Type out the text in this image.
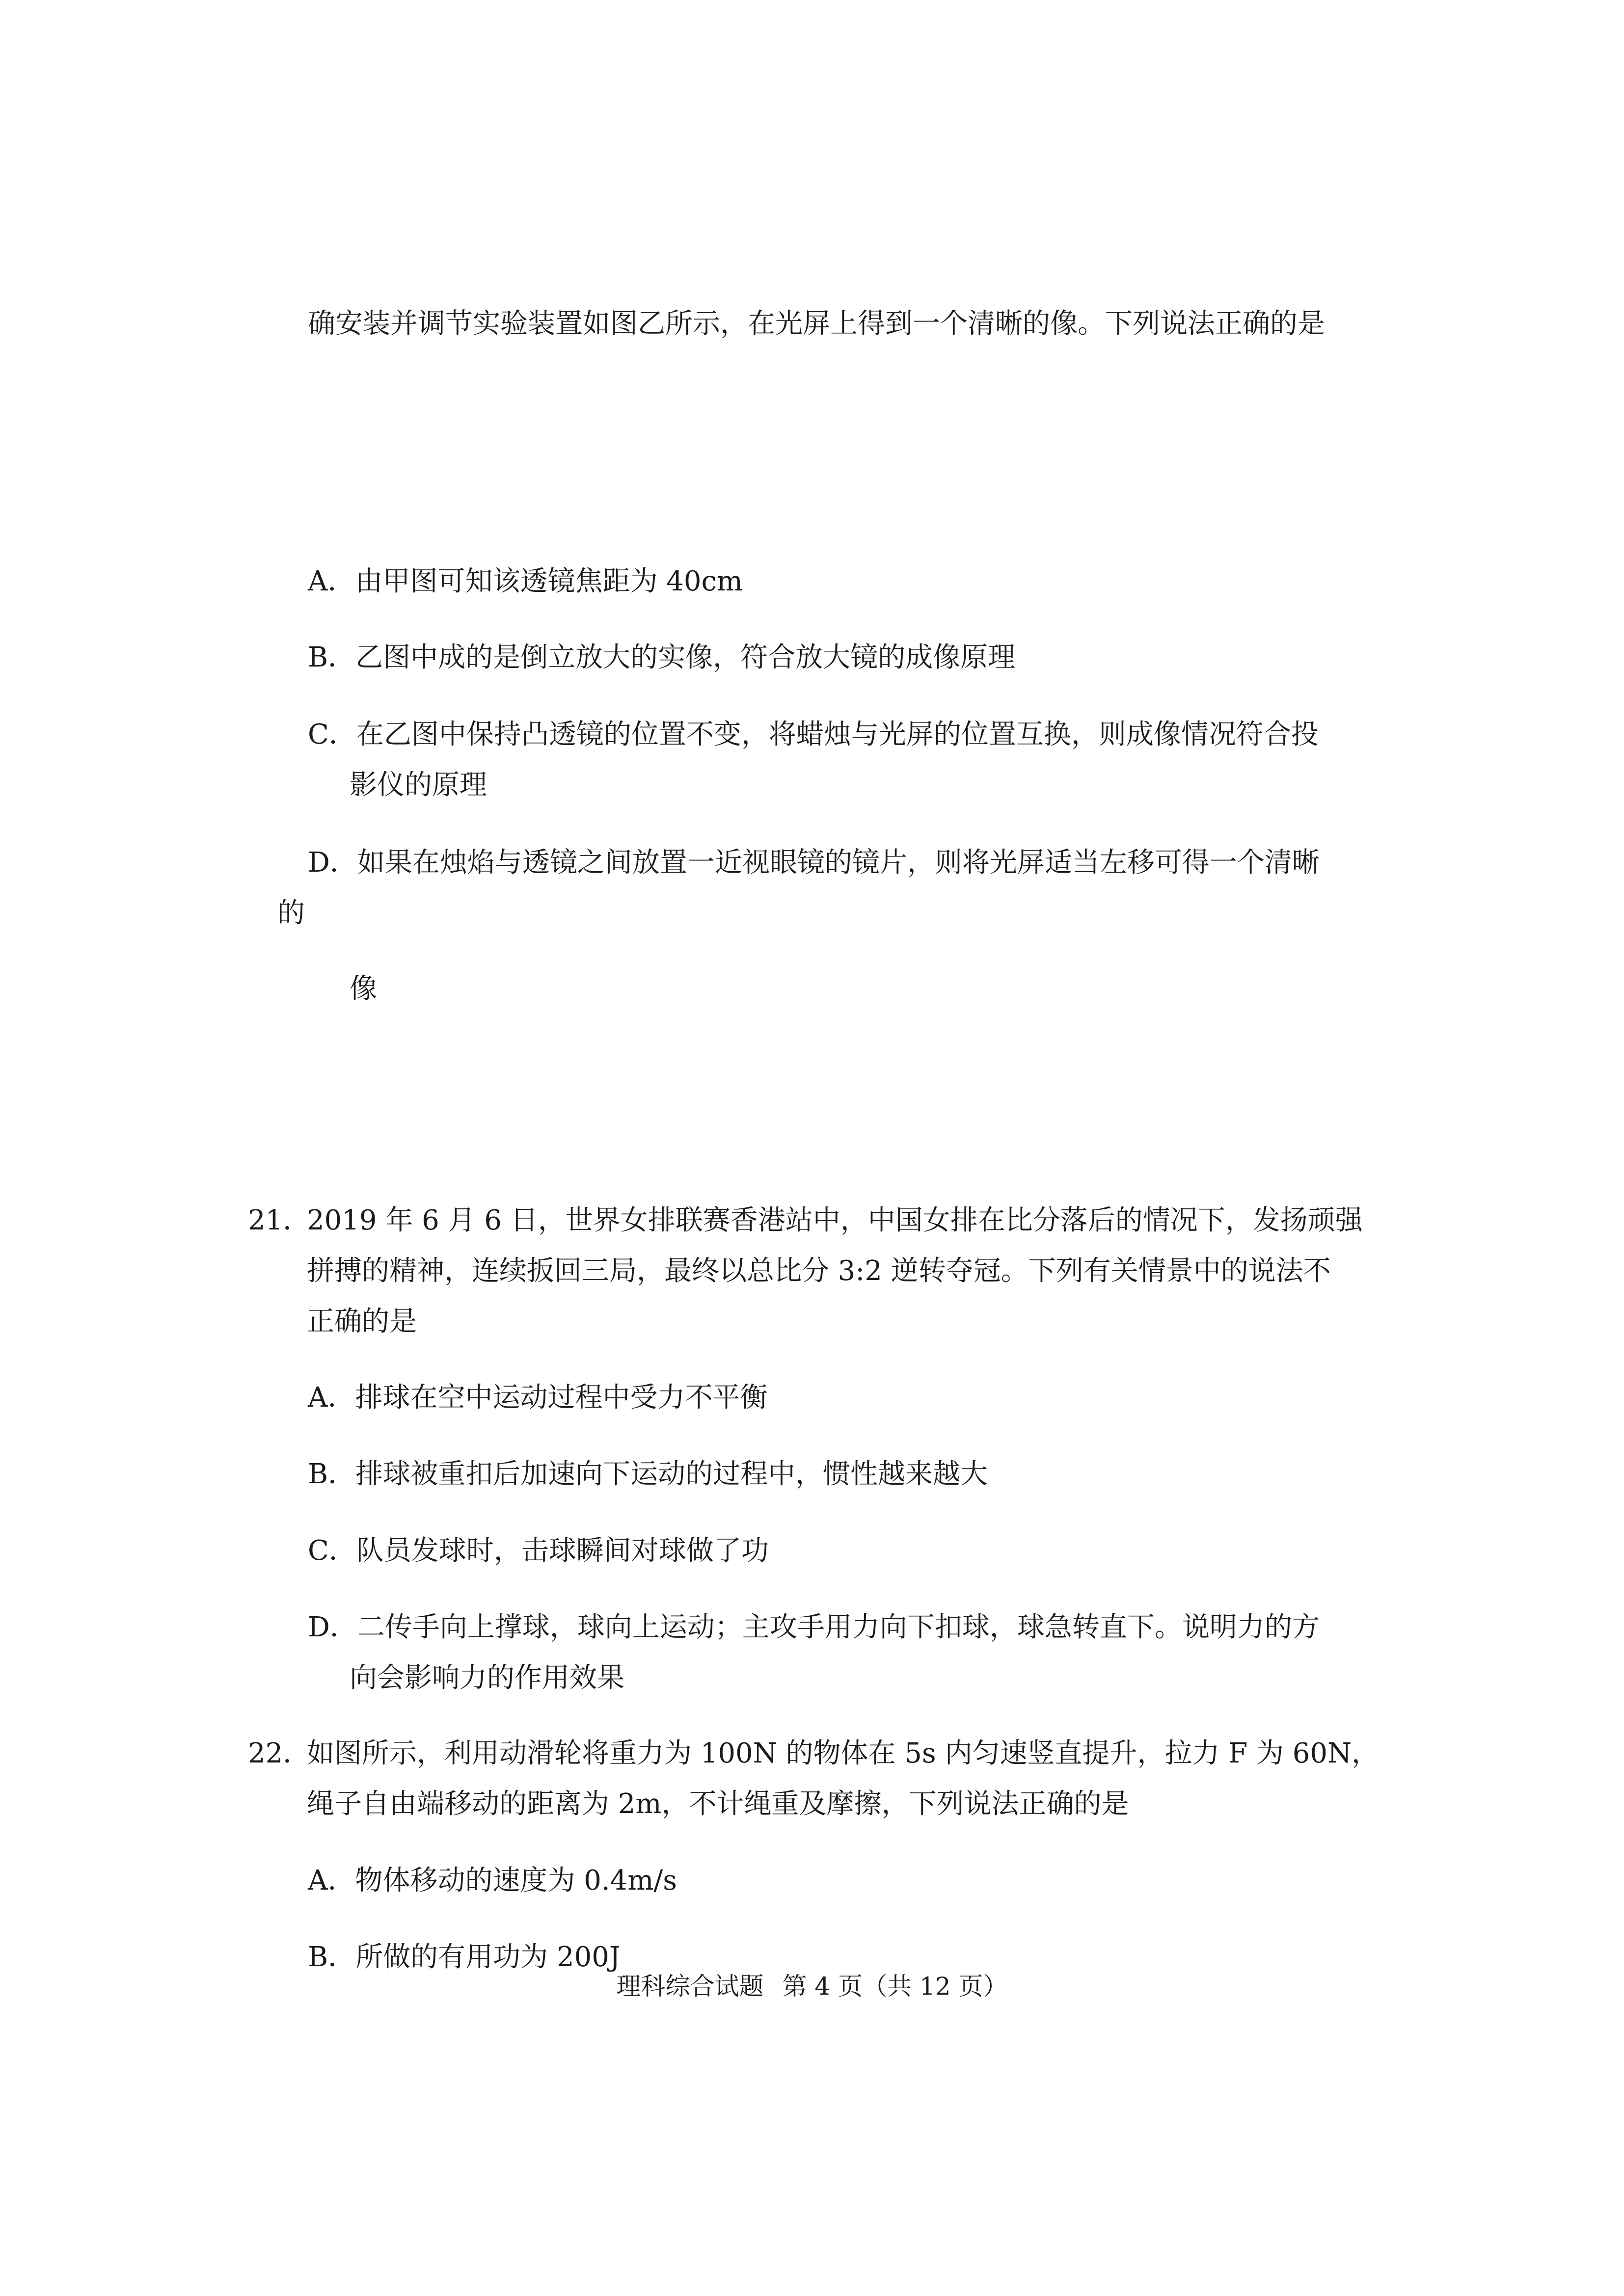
确安装并调节实验装置如图乙所示，在光屏上得到一个清晰的像。下列说法正确的是
A．由甲图可知该透镜焦距为 40cm
B．乙图中成的是倒立放大的实像，符合放大镜的成像原理
C．在乙图中保持凸透镜的位置不变，将蜡烛与光屏的位置互换，则成像情况符合投
影仪的原理
D．如果在烛焰与透镜之间放置一近视眼镜的镜片，则将光屏适当左移可得一个清晰
的
像
21．2019 年 6 月 6 日，世界女排联赛香港站中，中国女排在比分落后的情况下，发扬顽强
拼搏的精神，连续扳回三局，最终以总比分 3:2 逆转夺冠。下列有关情景中的说法不
正确的是
A．排球在空中运动过程中受力不平衡
B．排球被重扣后加速向下运动的过程中，惯性越来越大
C．队员发球时，击球瞬间对球做了功
D．二传手向上撑球，球向上运动；主攻手用力向下扣球，球急转直下。说明力的方
向会影响力的作用效果
22．如图所示，利用动滑轮将重力为 100N 的物体在 5s 内匀速竖直提升，拉力 F 为 60N，
绳子自由端移动的距离为 2m，不计绳重及摩擦，下列说法正确的是
A．物体移动的速度为 0.4m/s
B．所做的有用功为 200J
理科综合试题 第 4 页（共 12 页）
